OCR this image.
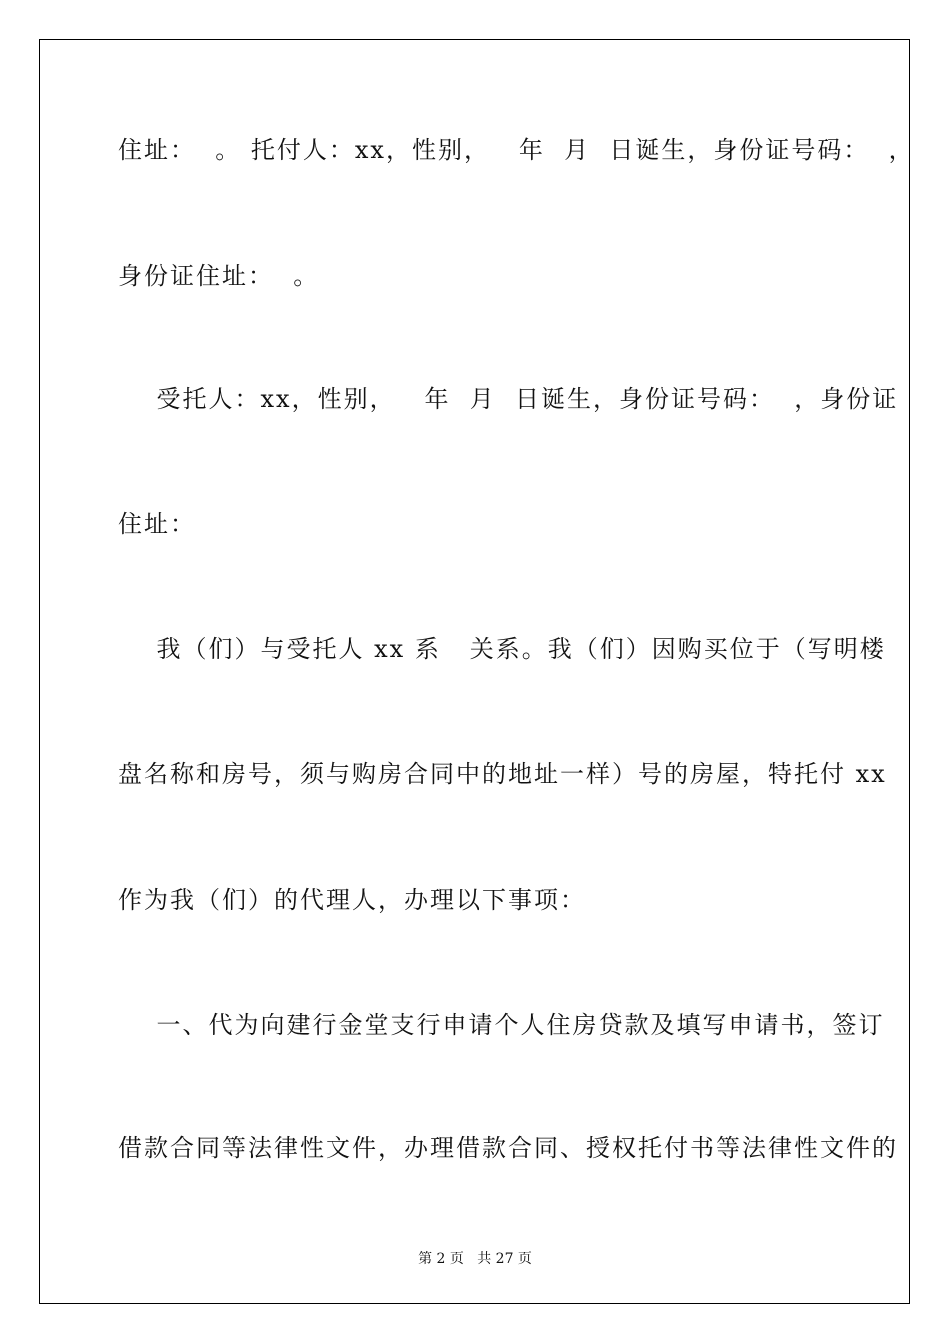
住址：  。 托付人：xx，性别，   年  月  日诞生，身份证号码：  ，
身份证住址：  。
受托人：xx，性别，   年  月  日诞生，身份证号码：  ，身份证
住址：
我（们）与受托人 xx 系   关系。我（们）因购买位于（写明楼
盘名称和房号，须与购房合同中的地址一样）号的房屋，特托付 xx
作为我（们）的代理人，办理以下事项：
一、代为向建行金堂支行申请个人住房贷款及填写申请书，签订
借款合同等法律性文件，办理借款合同、授权托付书等法律性文件的
第 2 页   共 27 页
